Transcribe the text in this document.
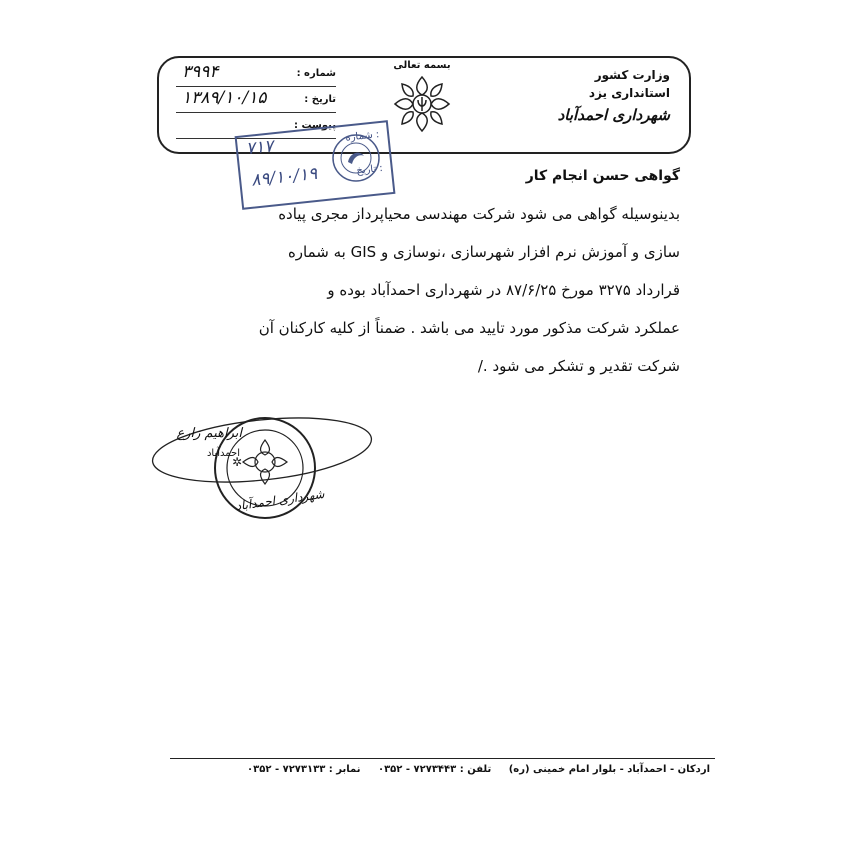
وزارت کشور
استانداری یزد
شهرداری احمدآباد
بسمه تعالی
شماره :
۳۹۹۴
تاریخ :
۱۳۸۹/۱۰/۱۵
پیوست :
شماره :
۷۱۷
تاریخ :
۸۹/۱۰/۱۹	گواهی حسن انجام کار
بدینوسیله گواهی می شود شرکت مهندسی محیاپرداز مجری پیاده
سازی و آموزش نرم افزار شهرسازی ،نوسازی و GIS به شماره
قرارداد ۳۲۷۵ مورخ ۸۷/۶/۲۵ در شهرداری احمدآباد بوده و
عملکرد شرکت مذکور مورد تایید می باشد . ضمناً از کلیه کارکنان آن
شرکت تقدیر و تشکر می شود ./
✲
ابراهیم زارع
احمدآباد
شهرداری احمدآباد
اردکان - احمدآباد - بلوار امام خمینی (ره) تلفن : ۷۲۷۳۴۴۳ - ۰۳۵۲ نمابر : ۷۲۷۳۱۳۳ - ۰۳۵۲
